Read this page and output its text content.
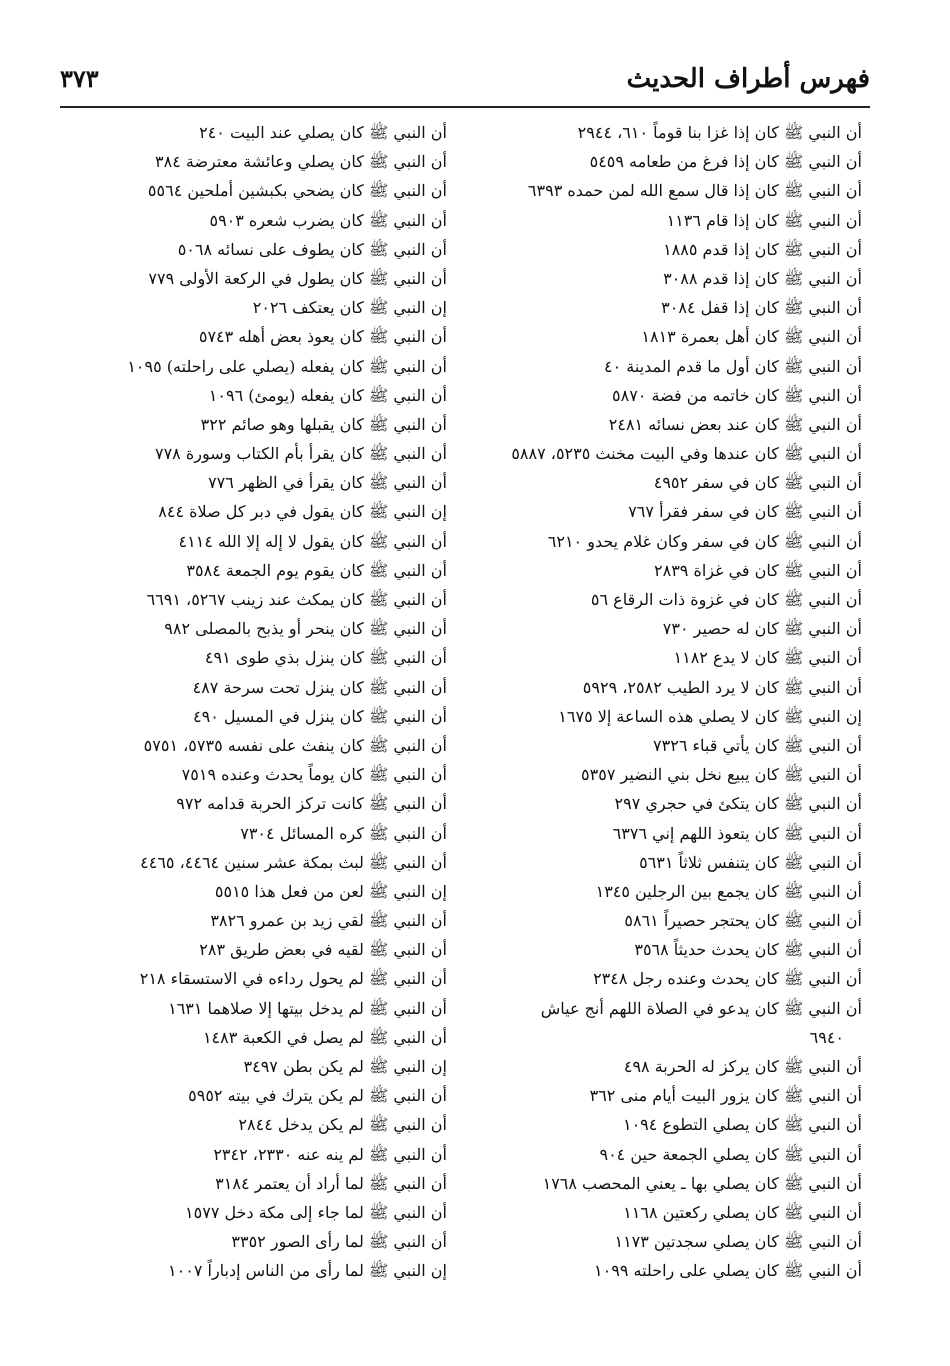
فهرس أطراف الحديث
٣٧٣
أن النبي ﷺ كان إذا غزا بنا قوماً ٦١٠، ٢٩٤٤
أن النبي ﷺ كان إذا فرغ من طعامه ٥٤٥٩
أن النبي ﷺ كان إذا قال سمع الله لمن حمده ٦٣٩٣
أن النبي ﷺ كان إذا قام ١١٣٦
أن النبي ﷺ كان إذا قدم ١٨٨٥
أن النبي ﷺ كان إذا قدم ٣٠٨٨
أن النبي ﷺ كان إذا قفل ٣٠٨٤
أن النبي ﷺ كان أهل بعمرة ١٨١٣
أن النبي ﷺ كان أول ما قدم المدينة ٤٠
أن النبي ﷺ كان خاتمه من فضة ٥٨٧٠
أن النبي ﷺ كان عند بعض نسائه ٢٤٨١
أن النبي ﷺ كان عندها وفي البيت مخنث ٥٢٣٥، ٥٨٨٧
أن النبي ﷺ كان في سفر ٤٩٥٢
أن النبي ﷺ كان في سفر فقرأ ٧٦٧
أن النبي ﷺ كان في سفر وكان غلام يحدو ٦٢١٠
أن النبي ﷺ كان في غزاة ٢٨٣٩
أن النبي ﷺ كان في غزوة ذات الرقاع ٥٦
أن النبي ﷺ كان له حصير ٧٣٠
أن النبي ﷺ كان لا يدع ١١٨٢
أن النبي ﷺ كان لا يرد الطيب ٢٥٨٢، ٥٩٢٩
إن النبي ﷺ كان لا يصلي هذه الساعة إلا ١٦٧٥
أن النبي ﷺ كان يأتي قباء ٧٣٢٦
أن النبي ﷺ كان يبيع نخل بني النضير ٥٣٥٧
أن النبي ﷺ كان يتكئ في حجري ٢٩٧
أن النبي ﷺ كان يتعوذ اللهم إني ٦٣٧٦
أن النبي ﷺ كان يتنفس ثلاثاً ٥٦٣١
أن النبي ﷺ كان يجمع بين الرجلين ١٣٤٥
أن النبي ﷺ كان يحتجر حصيراً ٥٨٦١
أن النبي ﷺ كان يحدث حديثاً ٣٥٦٨
أن النبي ﷺ كان يحدث وعنده رجل ٢٣٤٨
أن النبي ﷺ كان يدعو في الصلاة اللهم أنج عياش
٦٩٤٠
أن النبي ﷺ كان يركز له الحربة ٤٩٨
أن النبي ﷺ كان يزور البيت أيام منى ٣٦٢
أن النبي ﷺ كان يصلي التطوع ١٠٩٤
أن النبي ﷺ كان يصلي الجمعة حين ٩٠٤
أن النبي ﷺ كان يصلي بها ـ يعني المحصب ١٧٦٨
أن النبي ﷺ كان يصلي ركعتين ١١٦٨
أن النبي ﷺ كان يصلي سجدتين ١١٧٣
أن النبي ﷺ كان يصلي على راحلته ١٠٩٩
أن النبي ﷺ كان يصلي عند البيت ٢٤٠
أن النبي ﷺ كان يصلي وعائشة معترضة ٣٨٤
أن النبي ﷺ كان يضحي بكبشين أملحين ٥٥٦٤
أن النبي ﷺ كان يضرب شعره ٥٩٠٣
أن النبي ﷺ كان يطوف على نسائه ٥٠٦٨
أن النبي ﷺ كان يطول في الركعة الأولى ٧٧٩
إن النبي ﷺ كان يعتكف ٢٠٢٦
أن النبي ﷺ كان يعوذ بعض أهله ٥٧٤٣
أن النبي ﷺ كان يفعله (يصلي على راحلته) ١٠٩٥
أن النبي ﷺ كان يفعله (يومئ) ١٠٩٦
أن النبي ﷺ كان يقبلها وهو صائم ٣٢٢
أن النبي ﷺ كان يقرأ بأم الكتاب وسورة ٧٧٨
أن النبي ﷺ كان يقرأ في الظهر ٧٧٦
إن النبي ﷺ كان يقول في دبر كل صلاة ٨٤٤
أن النبي ﷺ كان يقول لا إله إلا الله ٤١١٤
أن النبي ﷺ كان يقوم يوم الجمعة ٣٥٨٤
أن النبي ﷺ كان يمكث عند زينب ٥٢٦٧، ٦٦٩١
أن النبي ﷺ كان ينحر أو يذبح بالمصلى ٩٨٢
أن النبي ﷺ كان ينزل بذي طوى ٤٩١
أن النبي ﷺ كان ينزل تحت سرحة ٤٨٧
أن النبي ﷺ كان ينزل في المسيل ٤٩٠
أن النبي ﷺ كان ينفث على نفسه ٥٧٣٥، ٥٧٥١
أن النبي ﷺ كان يوماً يحدث وعنده ٧٥١٩
أن النبي ﷺ كانت تركز الحربة قدامه ٩٧٢
أن النبي ﷺ كره المسائل ٧٣٠٤
أن النبي ﷺ لبث بمكة عشر سنين ٤٤٦٤، ٤٤٦٥
إن النبي ﷺ لعن من فعل هذا ٥٥١٥
أن النبي ﷺ لقي زيد بن عمرو ٣٨٢٦
أن النبي ﷺ لقيه في بعض طريق ٢٨٣
أن النبي ﷺ لم يحول رداءه في الاستسقاء ٢١٨
أن النبي ﷺ لم يدخل بيتها إلا صلاهما ١٦٣١
أن النبي ﷺ لم يصل في الكعبة ١٤٨٣
إن النبي ﷺ لم يكن بطن ٣٤٩٧
أن النبي ﷺ لم يكن يترك في بيته ٥٩٥٢
أن النبي ﷺ لم يكن يدخل ٢٨٤٤
أن النبي ﷺ لم ينه عنه ٢٣٣٠، ٢٣٤٢
أن النبي ﷺ لما أراد أن يعتمر ٣١٨٤
أن النبي ﷺ لما جاء إلى مكة دخل ١٥٧٧
أن النبي ﷺ لما رأى الصور ٣٣٥٢
إن النبي ﷺ لما رأى من الناس إدباراً ١٠٠٧
